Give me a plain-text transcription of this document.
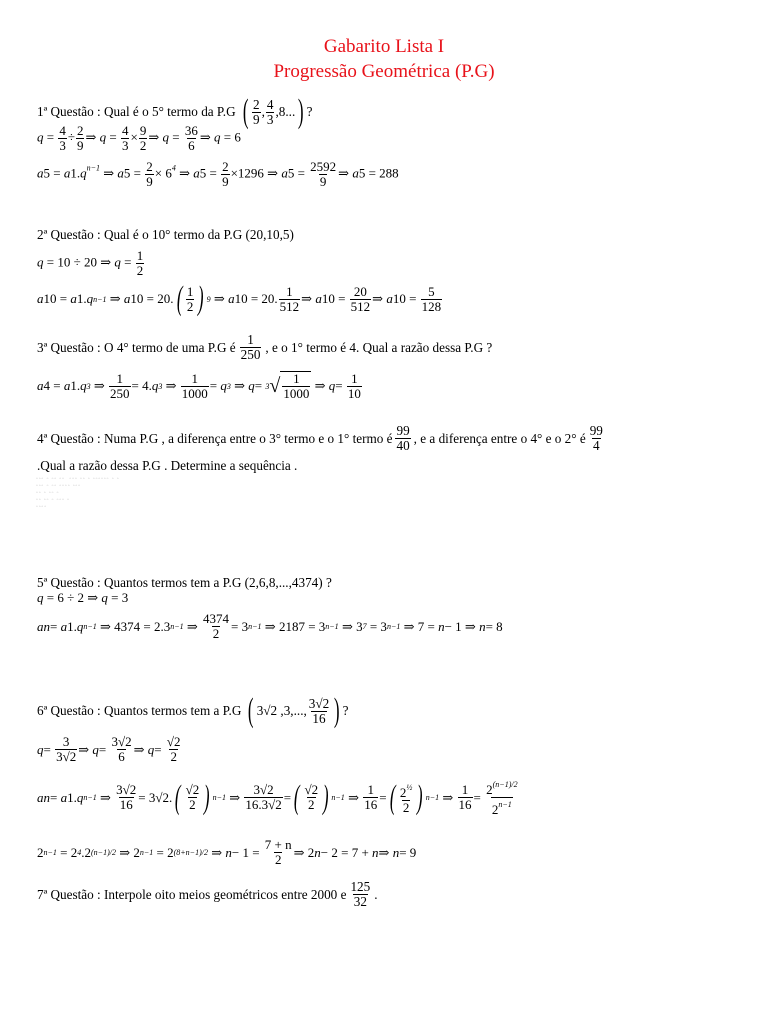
Gabarito Lista I
Progressão Geométrica (P.G)
1ª Questão : Qual é o 5° termo da P.G ( 2
9 , 4
3 ,8... ) ?
$q = \frac{4}{3} \div \frac{2}{9}$ ⇒ $q = \frac{4}{3} \times \frac{9}{2}$ ⇒ $q = \frac{36}{6}$ ⇒ q = 6
$a5 = a1.q^{n-1}$ ⇒ $a5 = \frac{2}{9} \times 6^4$ ⇒ $a5 = \frac{2}{9} \times 1296$ ⇒ $a5 = \frac{2592}{9}$ ⇒ a5 = 288
2ª Questão : Qual é o 10° termo da P.G (20,10,5)
q = 10 ÷ 20 ⇒ $q = \frac{1}{2}$
a 10 = a 1. q n−1
⇒ a 10 = 20. ( 1
2 ) 9
⇒ a 10 = 20. 1
512 ⇒ a 10 =
$\frac{20}{512}$ ⇒ a 10 =
$\frac{5}{128}$
3ª Questão : O 4° termo de uma P.G é 1
250 , e o 1° termo é 4. Qual a razão dessa P.G ?
a 4 = a 1. q 3
⇒
$\frac{1}{250} = 4$. q 3
⇒
$\frac{1}{1000} = q$ 3
⇒ q =
3 √ $\frac{1}{1000}$
⇒ q =
$\frac{1}{10}$
4ª Questão : Numa P.G , a diferença entre o 3° termo e o 1° termo é 99
40 , e a diferença entre o 4° e o 2° é 99
4
.Qual a razão dessa P.G . Determine a sequência .
▫▫▫ ▫ ▫▫ ▫▫  ▫▫▫ ▫▫ ▫ ▫▫▫▫▫▫ ▫ ▫
▫▫▫ ▫ ▫▫ ▫▫▫▫ ▫▫▫
▫▫ ▫ ▫▫ ▫
▫▫ ▫▫ ▫ ▫▫▫ ▫
▫▫▫▫
5ª Questão : Quantos termos tem a P.G (2,6,8,...,4374) ?
q = 6 ÷ 2 ⇒ q = 3
an = a 1. q n−1
⇒ 4374 = 2.3 n−1
⇒
$\frac{4374}{2} = 3$ n−1
⇒ 2187 = 3 n−1
⇒ 3 7
= 3 n−1
⇒ 7 = n − 1 ⇒ n = 8
6ª Questão : Quantos termos tem a P.G ( 3√2 ,3,..., 3√2
16 ) ?
q =
$\frac{3}{3√2}$ ⇒ q =
$\frac{3√2}{6}$ ⇒ q =
$\frac{√2}{2}$
an = a 1. q n−1
⇒
$\frac{3√2}{16} = 3√2$. ( √2
2 ) n−1
⇒
$\frac{3√2}{16.3√2}$ = ( √2
2 ) n−1
⇒
$\frac{1}{16}$ = ( $2^{\frac{1}{2}}$
2 ) n−1
⇒
$\frac{1}{16}$ =
$\frac{2^{(n-1)/2}}{2^{n-1}}$
2 n−1
= 2 4 .2 (n−1)/2
⇒ 2 n−1
= 2 (8+n−1)/2
⇒ n − 1 =
$\frac{7 + n}{2}$ ⇒ 2 n − 2 = 7 + n ⇒ n = 9
7ª Questão : Interpole oito meios geométricos entre 2000 e 125
32 .
